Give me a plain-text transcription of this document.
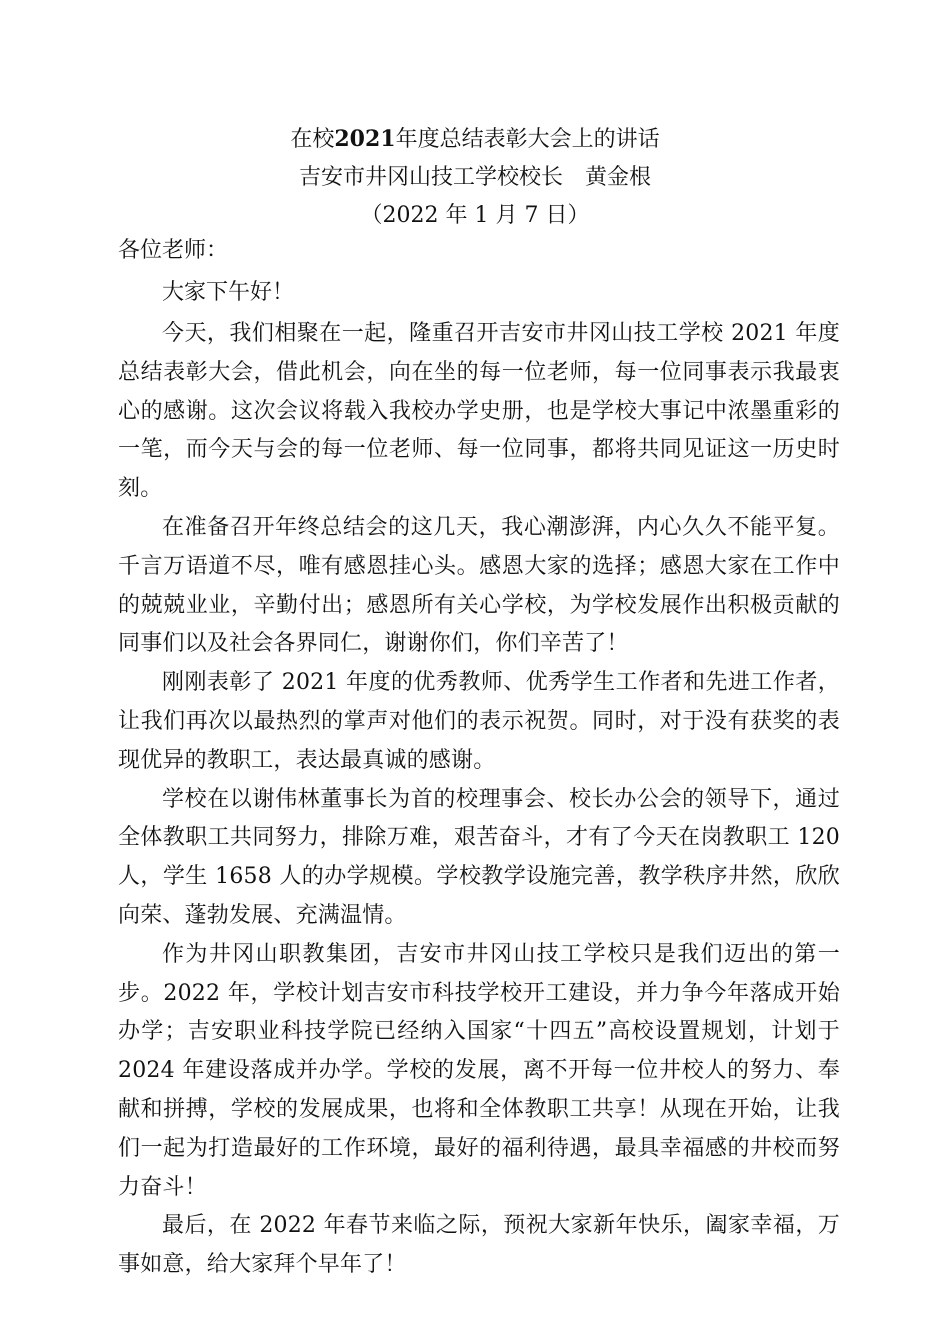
在校2021年度总结表彰大会上的讲话
吉安市井冈山技工学校校长　黄金根
（2022 年 1 月 7 日）
各位老师：

大家下午好！

今天，我们相聚在一起，隆重召开吉安市井冈山技工学校 2021 年度总结表彰大会，借此机会，向在坐的每一位老师，每一位同事表示我最衷心的感谢。这次会议将载入我校办学史册，也是学校大事记中浓墨重彩的一笔，而今天与会的每一位老师、每一位同事，都将共同见证这一历史时刻。

在准备召开年终总结会的这几天，我心潮澎湃，内心久久不能平复。千言万语道不尽，唯有感恩挂心头。感恩大家的选择；感恩大家在工作中的兢兢业业，辛勤付出；感恩所有关心学校，为学校发展作出积极贡献的同事们以及社会各界同仁，谢谢你们，你们辛苦了！

刚刚表彰了 2021 年度的优秀教师、优秀学生工作者和先进工作者，让我们再次以最热烈的掌声对他们的表示祝贺。同时，对于没有获奖的表现优异的教职工，表达最真诚的感谢。

学校在以谢伟林董事长为首的校理事会、校长办公会的领导下，通过全体教职工共同努力，排除万难，艰苦奋斗，才有了今天在岗教职工 120 人，学生 1658 人的办学规模。学校教学设施完善，教学秩序井然，欣欣向荣、蓬勃发展、充满温情。

作为井冈山职教集团，吉安市井冈山技工学校只是我们迈出的第一步。2022 年，学校计划吉安市科技学校开工建设，并力争今年落成开始办学；吉安职业科技学院已经纳入国家“十四五”高校设置规划，计划于 2024 年建设落成并办学。学校的发展，离不开每一位井校人的努力、奉献和拼搏，学校的发展成果，也将和全体教职工共享！从现在开始，让我们一起为打造最好的工作环境，最好的福利待遇，最具幸福感的井校而努力奋斗！

最后，在 2022 年春节来临之际，预祝大家新年快乐，阖家幸福，万事如意，给大家拜个早年了！
